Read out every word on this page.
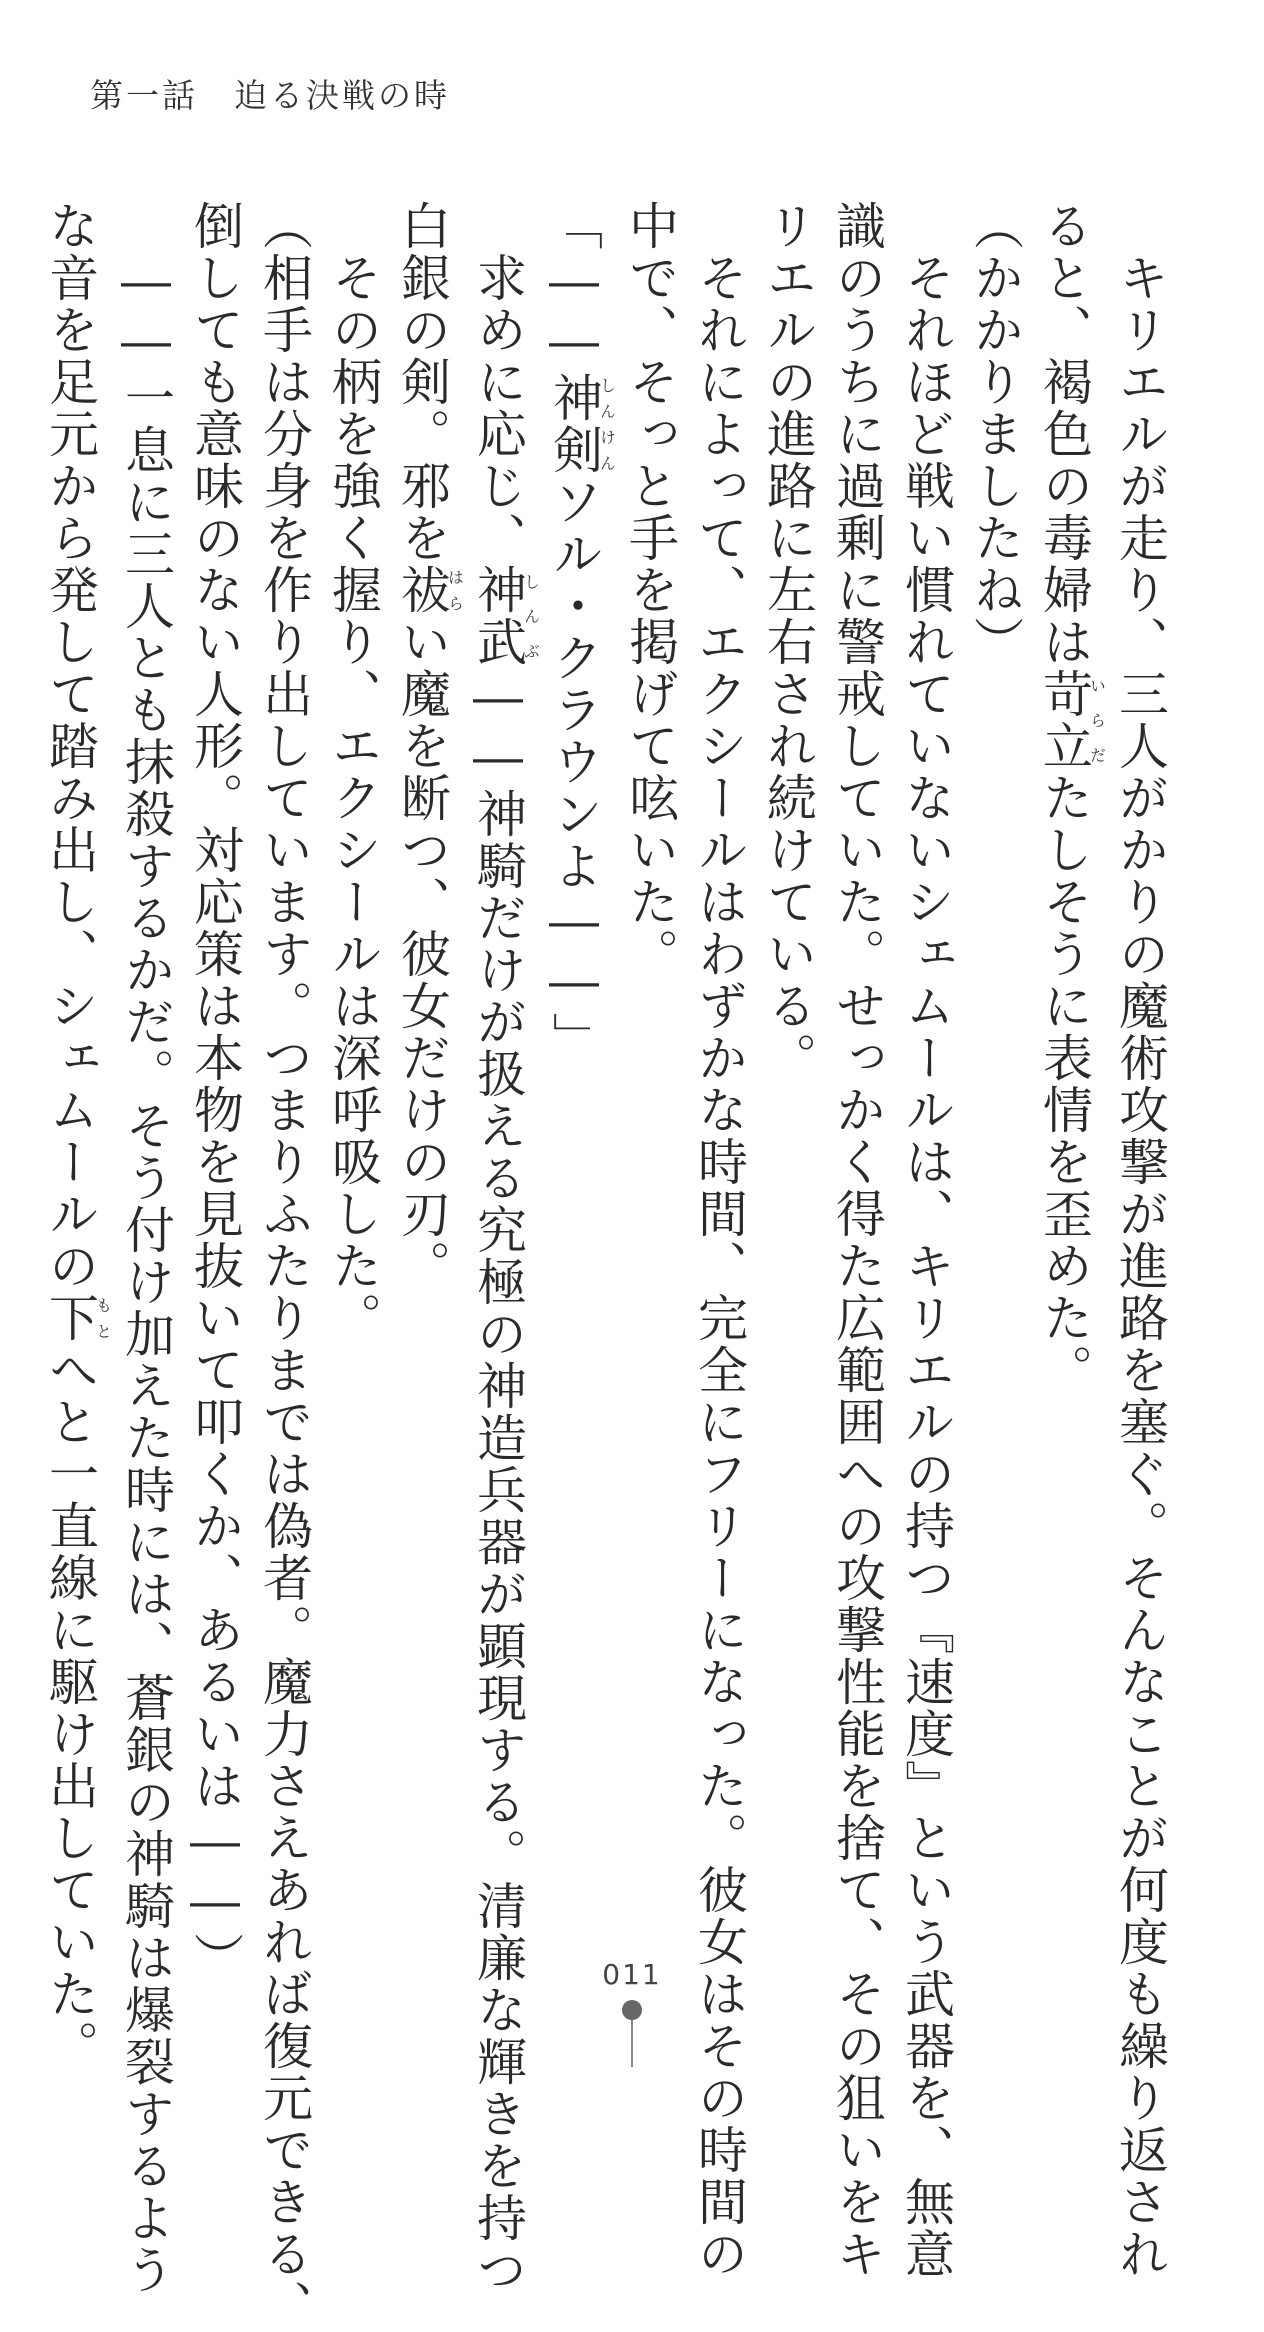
第一話　迫る決戦の時

　キリエルが走り、三人がかりの魔術攻撃が進路を塞ぐ。そんなことが何度も繰り返され

ると、褐色の毒婦は苛立いらだたしそうに表情を歪めた。

（かかりましたね）

　それほど戦い慣れていないシェムールは、キリエルの持つ『速度』という武器を、無意

識のうちに過剰に警戒していた。せっかく得た広範囲への攻撃性能を捨て、その狙いをキ

リエルの進路に左右され続けている。

　それによって、エクシールはわずかな時間、完全にフリーになった。彼女はその時間の

中で、そっと手を掲げて呟いた。

「――神剣しんけんソル・クラウンよ――」

　求めに応じ、神武しんぶ――神騎だけが扱える究極の神造兵器が顕現する。清廉な輝きを持つ

白銀の剣。邪を祓はらい魔を断つ、彼女だけの刃。

　その柄を強く握り、エクシールは深呼吸した。

（相手は分身を作り出しています。つまりふたりまでは偽者。魔力さえあれば復元できる、

倒しても意味のない人形。対応策は本物を見抜いて叩くか、あるいは――）

　――一息に三人とも抹殺するかだ。そう付け加えた時には、蒼銀の神騎は爆裂するよう

な音を足元から発して踏み出し、シェムールの下もとへと一直線に駆け出していた。	011
